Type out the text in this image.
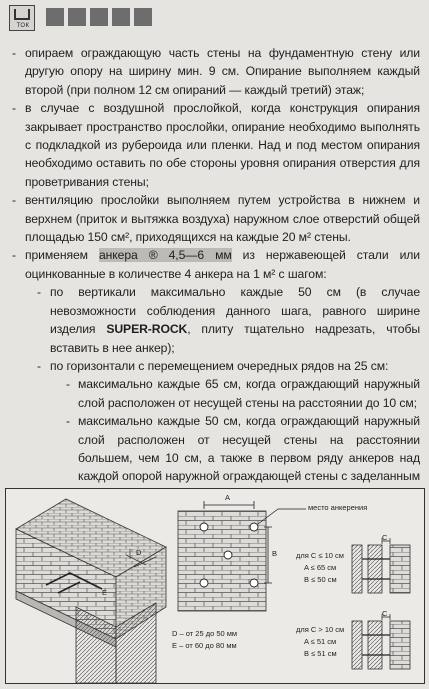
ТОК
- опираем ограждающую часть стены на фундаментную стену или другую опору на ширину мин. 9 см. Опирание выполняем каждый второй (при полном 12 см опираний — каждый третий) этаж;
- в случае с воздушной прослойкой, когда конструкция опирания закрывает пространство прослойки, опирание необходимо выполнять с подкладкой из рубероида или пленки. Над и под местом опирания необходимо оставить по обе стороны уровня опирания отверстия для проветривания стены;
- вентиляцию прослойки выполняем путем устройства в нижнем и верхнем (приток и вытяжка воздуха) наружном слое отверстий общей площадью 150 см², приходящихся на каждые 20 м² стены.
- применяем анкера ® 4,5—6 мм из нержавеющей стали или оцинкованные в количестве 4 анкера на 1 м² с шагом:
- по вертикали максимально каждые 50 см (в случае невозможности соблюдения данного шага, равного ширине изделия SUPER-ROCK, плиту тщательно надрезать, чтобы вставить в нее анкер);
- по горизонтали с перемещением очередных рядов на 25 см:
- максимально каждые 65 см, когда ограждающий наружный слой расположен от несущей стены на расстоянии до 10 см;
- максимально каждые 50 см, когда ограждающий наружный слой расположен от несущей стены на расстоянии большем, чем 10 см, а также в первом ряду анкеров над каждой опорой наружной ограждающей стены с заделанным
D
E
A
B
место анкерения
C
для C ≤ 10 см
A ≤ 65 см
B ≤ 50 см
C
для C > 10 см
A ≤ 51 см
B ≤ 51 см
D – от 25 до 50 мм
E – от 60 до 80 мм
